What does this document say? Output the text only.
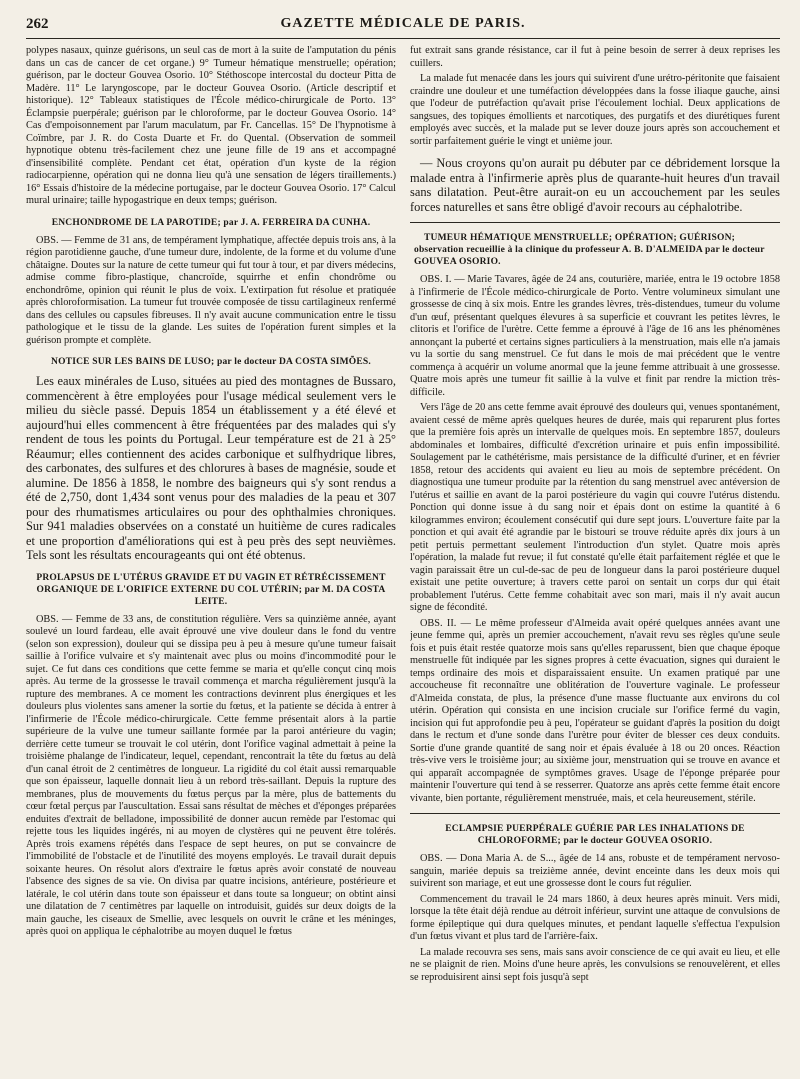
262	GAZETTE MÉDICALE DE PARIS.

polypes nasaux, quinze guérisons, un seul cas de mort à la suite de l'amputation du pénis dans un cas de cancer de cet organe.) 9° Tumeur hématique menstruelle; opération; guérison, par le docteur Gouvea Osorio. 10° Stéthoscope intercostal du docteur Pitta de Madère. 11° Le laryngoscope, par le docteur Gouvea Osorio. (Article descriptif et historique). 12° Tableaux statistiques de l'École médico-chirurgicale de Porto. 13° Éclampsie puerpérale; guérison par le chloroforme, par le docteur Gouvea Osorio. 14° Cas d'empoisonnement par l'arum maculatum, par Fr. Cancellas. 15° De l'hypnotisme à Coïmbre, par J. R. do Costa Duarte et Fr. do Quental. (Observation de sommeil hypnotique obtenu très-facilement chez une jeune fille de 19 ans et accompagné d'insensibilité complète. Pendant cet état, opération d'un kyste de la région radiocarpienne, opération qui ne donna lieu qu'à une sensation de légers tiraillements.) 16° Essais d'histoire de la médecine portugaise, par le docteur Gouvea Osorio. 17° Calcul mural urinaire; taille hypogastrique en deux temps; guérison.

ENCHONDROME DE LA PAROTIDE; par J. A. FERREIRA DA CUNHA.

OBS. — Femme de 31 ans, de tempérament lymphatique, affectée depuis trois ans, à la région parotidienne gauche, d'une tumeur dure, indolente, de la forme et du volume d'une châtaigne. Doutes sur la nature de cette tumeur qui fut tour à tour, et par divers médecins, admise comme fibro-plastique, chancroïde, squirrhe et enfin chondrôme ou enchondrôme, opinion qui réunit le plus de voix. L'extirpation fut résolue et pratiquée après chloroformisation. La tumeur fut trouvée composée de tissu cartilagineux renfermé dans des cellules ou capsules fibreuses. Il n'y avait aucune communication entre le tissu pathologique et le tissu de la glande. Les suites de l'opération furent simples et la guérison prompte et complète.

NOTICE SUR LES BAINS DE LUSO; par le docteur DA COSTA SIMÕES.

Les eaux minérales de Luso, situées au pied des montagnes de Bussaro, commencèrent à être employées pour l'usage médical seulement vers le milieu du siècle passé. Depuis 1854 un établissement y a été élevé et aujourd'hui elles commencent à être fréquentées par des malades qui s'y rendent de tous les points du Portugal. Leur température est de 21 à 25° Réaumur; elles contiennent des acides carbonique et sulfhydrique libres, des carbonates, des sulfures et des chlorures à bases de magnésie, soude et alumine. De 1856 à 1858, le nombre des baigneurs qui s'y sont rendus a été de 2,750, dont 1,434 sont venus pour des maladies de la peau et 307 pour des rhumatismes articulaires ou pour des ophthalmies chroniques. Sur 941 maladies observées on a constaté un huitième de cures radicales et une proportion d'améliorations qui est à peu près des sept neuvièmes. Tels sont les résultats encourageants qui ont été obtenus.

PROLAPSUS DE L'UTÉRUS GRAVIDE ET DU VAGIN ET RÉTRÉCISSEMENT ORGANIQUE DE L'ORIFICE EXTERNE DU COL UTÉRIN; par M. DA COSTA LEITE.

OBS. — Femme de 33 ans, de constitution régulière. Vers sa quinzième année, ayant soulevé un lourd fardeau, elle avait éprouvé une vive douleur dans le fond du ventre (selon son expression), douleur qui se dissipa peu à peu à mesure qu'une tumeur faisait saillie à l'orifice vulvaire et s'y maintenait avec plus ou moins d'incommodité pour le sujet. Ce fut dans ces conditions que cette femme se maria et qu'elle conçut cinq mois après. Au terme de la grossesse le travail commença et marcha régulièrement jusqu'à la rupture des membranes. A ce moment les contractions devinrent plus énergiques et les douleurs plus violentes sans amener la sortie du fœtus, et la patiente se décida à entrer à l'infirmerie de l'École médico-chirurgicale. Cette femme présentait alors à la partie supérieure de la vulve une tumeur saillante formée par la paroi antérieure du vagin; derrière cette tumeur se trouvait le col utérin, dont l'orifice vaginal admettait à peine la troisième phalange de l'indicateur, lequel, cependant, rencontrait la tête du fœtus au delà d'un canal étroit de 2 centimètres de longueur. La rigidité du col était aussi remarquable que son épaisseur, laquelle donnait lieu à un rebord très-saillant. Depuis la rupture des membranes, plus de mouvements du fœtus perçus par la mère, plus de battements du cœur fœtal perçus par l'auscultation. Essai sans résultat de mèches et d'éponges préparées enduites d'extrait de belladone, impossibilité de donner aucun remède par l'estomac qui rejette tous les liquides ingérés, ni au moyen de clystères qui ne peuvent être tolérés. Après trois examens répétés dans l'espace de sept heures, on put se convaincre de l'immobilité de l'obstacle et de l'inutilité des moyens employés. Le travail durait depuis soixante heures. On résolut alors d'extraire le fœtus après avoir constaté de nouveau l'absence des signes de sa vie. On divisa par quatre incisions, antérieure, postérieure et latérale, le col utérin dans toute son épaisseur et dans toute sa longueur; on obtint ainsi une dilatation de 7 centimètres par laquelle on introduisit, guidés sur deux doigts de la main gauche, les ciseaux de Smellie, avec lesquels on ouvrit le crâne et les méninges, après quoi on appliqua le céphalotribe au moyen duquel le fœtus

fut extrait sans grande résistance, car il fut à peine besoin de serrer à deux reprises les cuillers.

La malade fut menacée dans les jours qui suivirent d'une urétro-péritonite que faisaient craindre une douleur et une tuméfaction développées dans la fosse iliaque gauche, ainsi que l'odeur de putréfaction qu'avait prise l'écoulement lochial. Deux applications de sangsues, des topiques émollients et narcotiques, des purgatifs et des diurétiques furent employés avec succès, et la malade put se lever douze jours après son accouchement et sortir parfaitement guérie le vingt et unième jour.

— Nous croyons qu'on aurait pu débuter par ce débridement lorsque la malade entra à l'infirmerie après plus de quarante-huit heures d'un travail sans dilatation. Peut-être aurait-on eu un accouchement par les seules forces naturelles et sans être obligé d'avoir recours au céphalotribe.

TUMEUR HÉMATIQUE MENSTRUELLE; OPÉRATION; GUÉRISON; observation recueillie à la clinique du professeur A. B. D'ALMEIDA par le docteur GOUVEA OSORIO.

OBS. I. — Marie Tavares, âgée de 24 ans, couturière, mariée, entra le 19 octobre 1858 à l'infirmerie de l'École médico-chirurgicale de Porto. Ventre volumineux simulant une grossesse de cinq à six mois. Entre les grandes lèvres, très-distendues, tumeur du volume d'un œuf, présentant quelques élevures à sa superficie et couvrant les petites lèvres, le clitoris et l'orifice de l'urètre. Cette femme a éprouvé à l'âge de 16 ans les phénomènes annonçant la puberté et certains signes particuliers à la menstruation, mais elle n'a jamais vu la sortie du sang menstruel. Ce fut dans le mois de mai précédent que le ventre commença à acquérir un volume anormal que la jeune femme attribuait à une grossesse. Quatre mois après une tumeur fit saillie à la vulve et finit par rendre la miction très-difficile.

Vers l'âge de 20 ans cette femme avait éprouvé des douleurs qui, venues spontanément, avaient cessé de même après quelques heures de durée, mais qui reparurent plus fortes que la première fois après un intervalle de quelques mois. En septembre 1857, douleurs abdominales et lombaires, difficulté d'excrétion urinaire et puis enfin impossibilité. Soulagement par le cathétérisme, mais persistance de la difficulté d'uriner, et en février 1858, retour des accidents qui avaient eu lieu au mois de septembre précédent. On diagnostiqua une tumeur produite par la rétention du sang menstruel avec antéversion de l'utérus et saillie en avant de la paroi postérieure du vagin qui couvre l'utérus distendu. Ponction qui donne issue à du sang noir et épais dont on estime la quantité à 6 kilogrammes environ; écoulement consécutif qui dure sept jours. L'ouverture faite par la ponction et qui avait été agrandie par le bistouri se trouve réduite après dix jours à un petit pertuis permettant seulement l'introduction d'un stylet. Quatre mois après l'opération, la malade fut revue; il fut constaté qu'elle était parfaitement réglée et que le vagin paraissait être un cul-de-sac de peu de longueur dans la paroi postérieure duquel existait une petite ouverture; à travers cette paroi on sentait un corps dur qui était probablement l'utérus. Cette femme cohabitait avec son mari, mais il n'y avait aucun signe de fécondité.

OBS. II. — Le même professeur d'Almeida avait opéré quelques années avant une jeune femme qui, après un premier accouchement, n'avait revu ses règles qu'une seule fois et puis était restée quatorze mois sans qu'elles reparussent, bien que chaque époque menstruelle fût indiquée par les signes propres à cette évacuation, signes qui duraient le temps ordinaire des mois et disparaissaient ensuite. Un examen pratiqué par une accoucheuse fit reconnaître une oblitération de l'ouverture vaginale. Le professeur d'Almeida constata, de plus, la présence d'une masse fluctuante aux environs du col utérin. Opération qui consista en une incision cruciale sur l'orifice fermé du vagin, incision qui fut approfondie peu à peu, l'opérateur se guidant d'après la position du doigt dans le rectum et d'une sonde dans l'urètre pour éviter de blesser ces deux conduits. Sortie d'une grande quantité de sang noir et épais évaluée à 18 ou 20 onces. Réaction très-vive vers le troisième jour; au sixième jour, menstruation qui se trouve en avance et qui apparaît accompagnée de symptômes graves. Usage de l'éponge préparée pour maintenir l'ouverture qui tend à se resserrer. Quatorze ans après cette femme était encore vivante, bien portante, régulièrement menstruée, mais, et cela heureusement, stérile.

ECLAMPSIE PUERPÉRALE GUÉRIE PAR LES INHALATIONS DE CHLOROFORME; par le docteur GOUVEA OSORIO.

OBS. — Dona Maria A. de S..., âgée de 14 ans, robuste et de tempérament nervoso-sanguin, mariée depuis sa treizième année, devint enceinte dans les deux mois qui suivirent son mariage, et eut une grossesse dont le cours fut régulier.

Commencement du travail le 24 mars 1860, à deux heures après minuit. Vers midi, lorsque la tête était déjà rendue au détroit inférieur, survint une attaque de convulsions de forme épileptique qui dura quelques minutes, et pendant laquelle s'effectua l'expulsion d'un fœtus vivant et plus tard de l'arrière-faix.

La malade recouvra ses sens, mais sans avoir conscience de ce qui avait eu lieu, et elle ne se plaignit de rien. Moins d'une heure après, les convulsions se renouvelèrent, et elles se reproduisirent ainsi sept fois jusqu'à sept
